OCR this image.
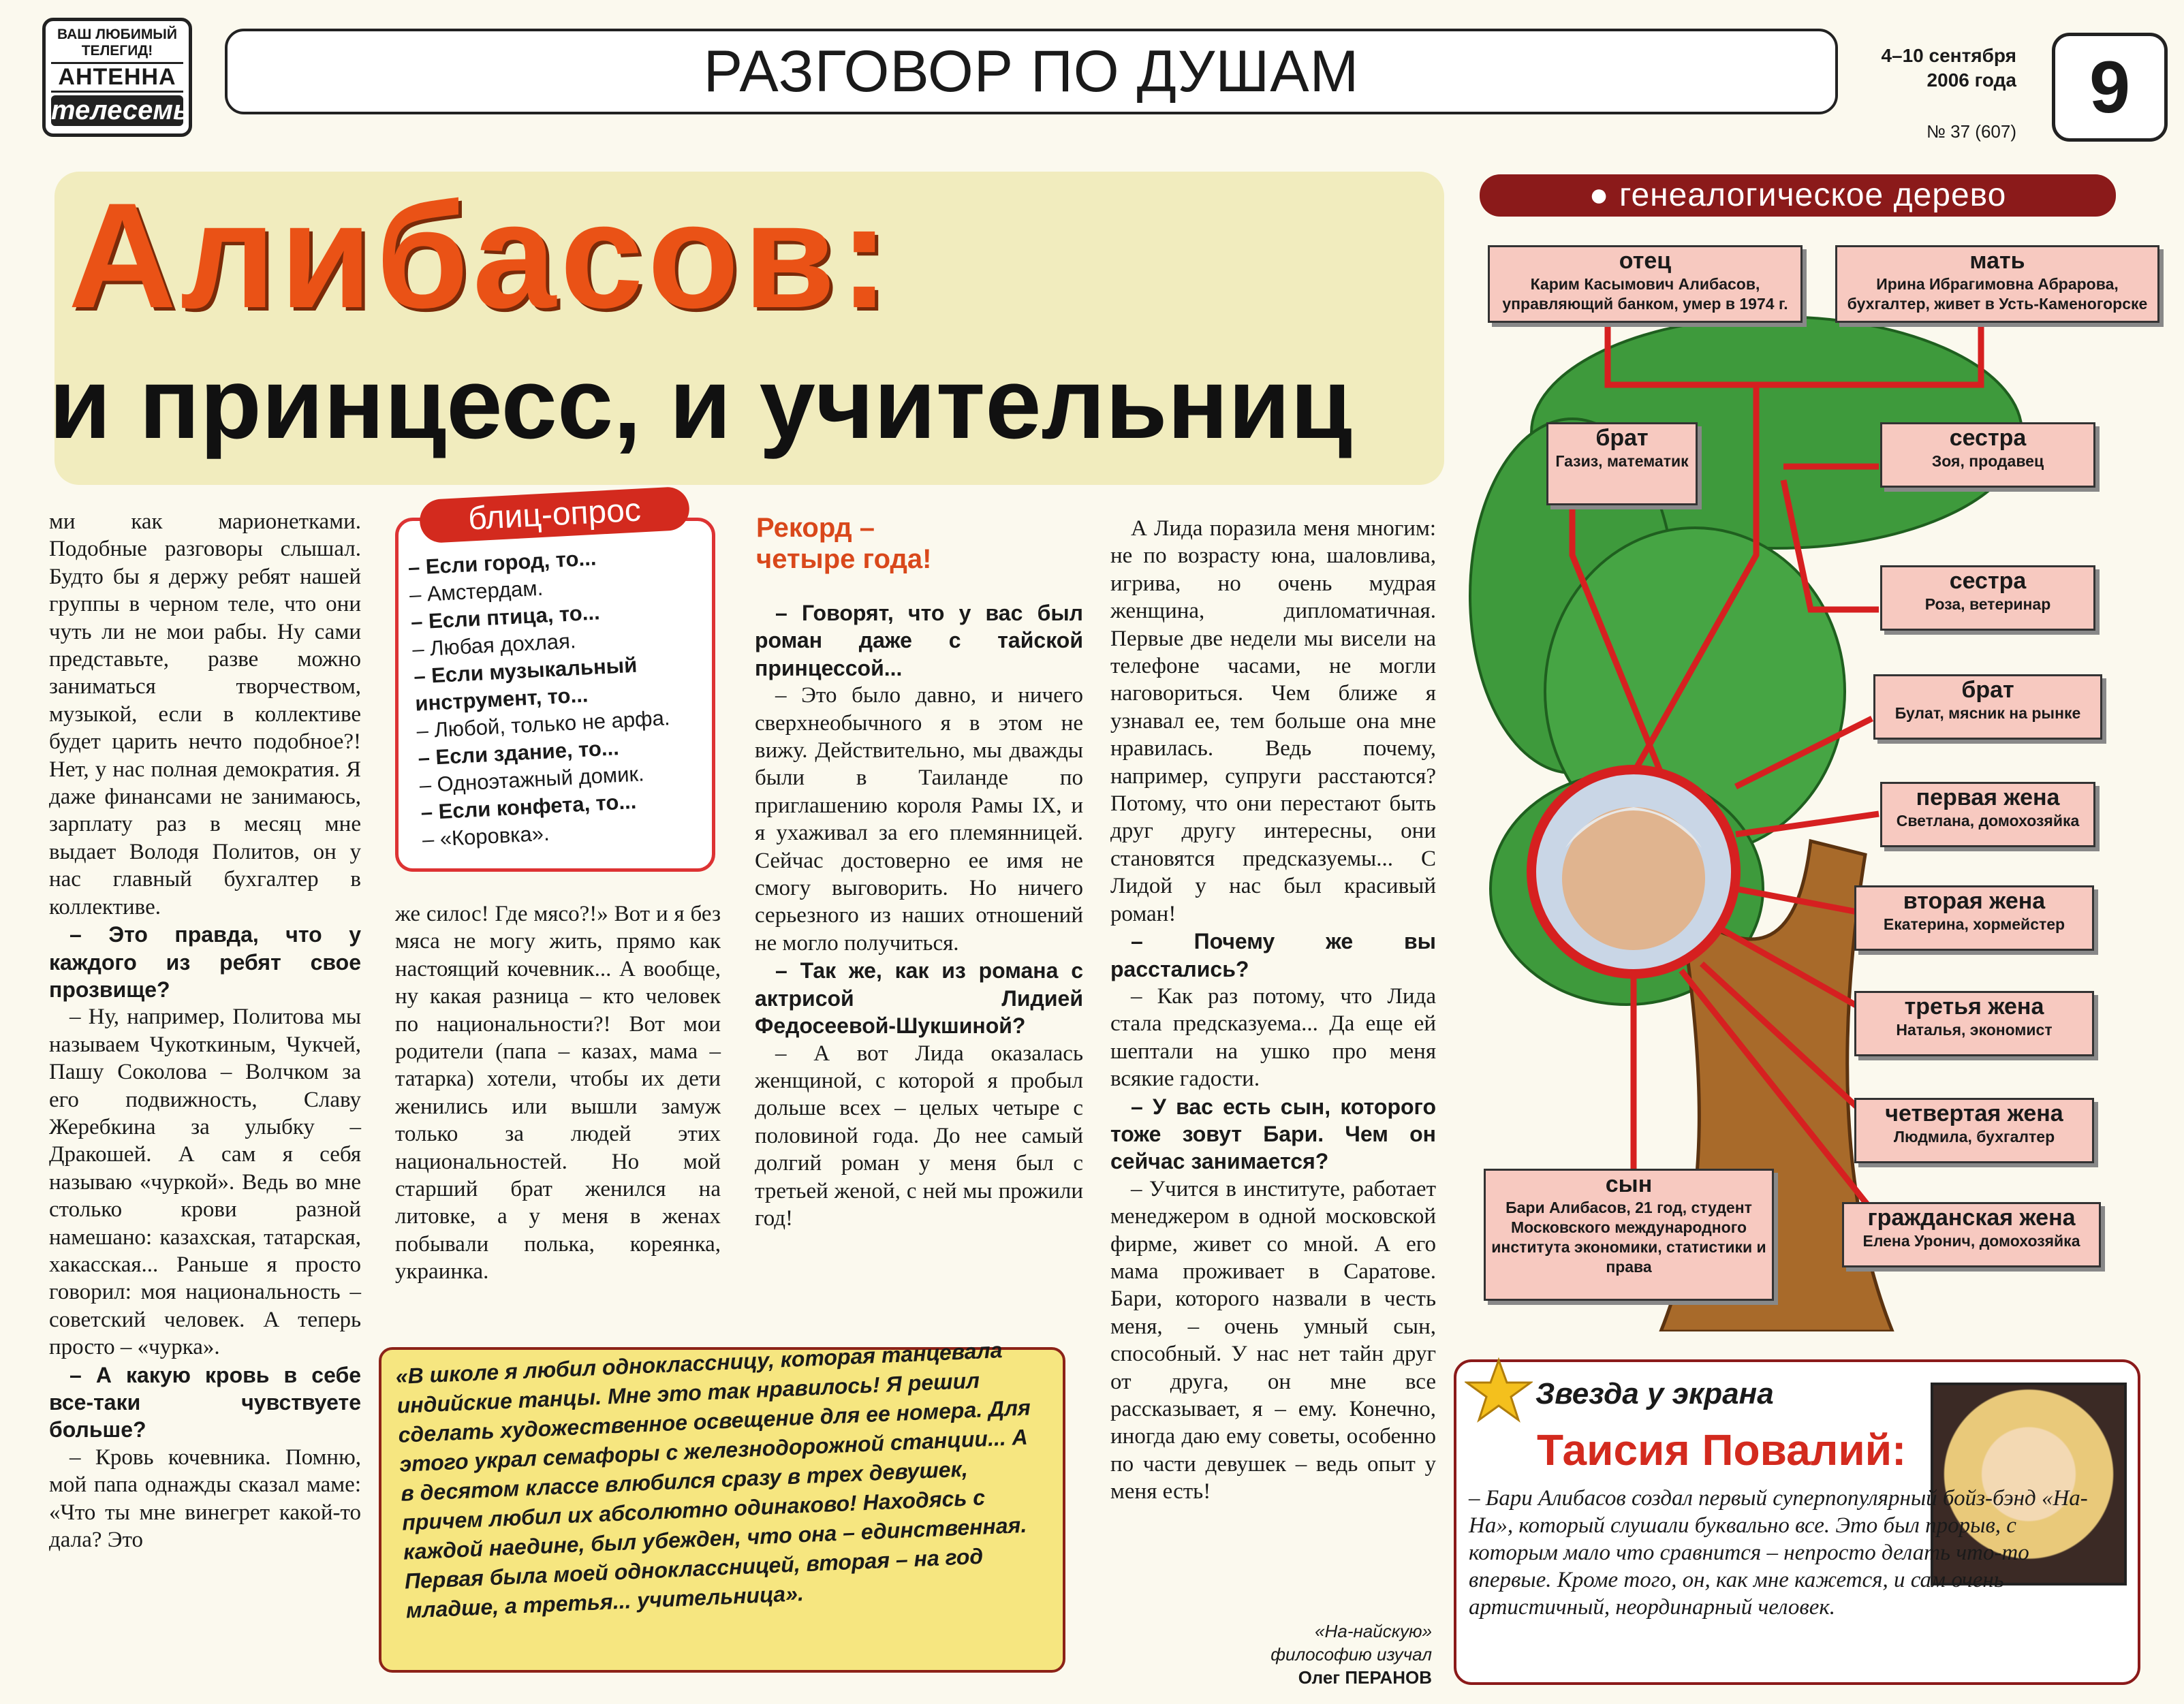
ВАШ ЛЮБИМЫЙ
ТЕЛЕГИД!
АНТЕННА
телесемь
РАЗГОВОР ПО ДУШАМ	4–10 сентября
2006 года
№ 37 (607)
9
Алибасов:
и принцесс, и учительниц

ми как марионетками. Подобные разговоры слышал. Будто бы я держу ребят нашей группы в черном теле, что они чуть ли не мои рабы. Ну сами представьте, разве можно заниматься творчеством, музыкой, если в коллективе будет царить нечто подобное?! Нет, у нас полная демократия. Я даже финансами не занимаюсь, зарплату раз в месяц мне выдает Володя Политов, он у нас главный бухгалтер в коллективе.

– Это правда, что у каждого из ребят свое прозвище?

– Ну, например, Политова мы называем Чукоткиным, Чукчей, Пашу Соколова – Волчком за его подвижность, Славу Жеребкина за улыбку – Дракошей. А сам я себя называю «чуркой». Ведь во мне столько крови разной намешано: казахская, татарская, хакасская... Раньше я просто говорил: моя национальность – советский человек. А теперь просто – «чурка».

– А какую кровь в себе все-таки чувствуете больше?

– Кровь кочевника. Помню, мой папа однажды сказал маме: «Что ты мне винегрет какой-то дала? Это

блиц-опрос
– Если город, то...
– Амстердам.
– Если птица, то...
– Любая дохлая.
– Если музыкальный инструмент, то...
– Любой, только не арфа.
– Если здание, то...
– Одноэтажный домик.
– Если конфета, то...
– «Коровка».

же силос! Где мясо?!» Вот и я без мяса не могу жить, прямо как настоящий кочевник... А вообще, ну какая разница – кто человек по национальности?! Вот мои родители (папа – казах, мама – татарка) хотели, чтобы их дети женились или вышли замуж только за людей этих национальностей. Но мой старший брат женился на литовке, а у меня в женах побывали полька, кореянка, украинка.

Рекорд – четыре года!

– Говорят, что у вас был роман даже с тайской принцессой...

– Это было давно, и ничего сверхнеобычного я в этом не вижу. Действительно, мы дважды были в Таиланде по приглашению короля Рамы IX, и я ухаживал за его племянницей. Сейчас достоверно ее имя не смогу выговорить. Но ничего серьезного из наших отношений не могло получиться.

– Так же, как из романа с актрисой Лидией Федосеевой-Шукшиной?

– А вот Лида оказалась женщиной, с которой я пробыл дольше всех – целых четыре с половиной года. До нее самый долгий роман у меня был с третьей женой, с ней мы прожили год!

А Лида поразила меня многим: не по возрасту юна, шаловлива, игрива, но очень мудрая женщина, дипломатичная. Первые две недели мы висели на телефоне часами, не могли наговориться. Чем ближе я узнавал ее, тем больше она мне нравилась. Ведь почему, например, супруги расстаются? Потому, что они перестают быть друг другу интересны, они становятся предсказуемы... С Лидой у нас был красивый роман!

– Почему же вы расстались?

– Как раз потому, что Лида стала предсказуема... Да еще ей шептали на ушко про меня всякие гадости.

– У вас есть сын, которого тоже зовут Бари. Чем он сейчас занимается?

– Учится в институте, работает менеджером в одной московской фирме, живет со мной. А его мама проживает в Саратове. Бари, которого назвали в честь меня, – очень умный сын, способный. У нас нет тайн друг от друга, он мне все рассказывает, я – ему. Конечно, иногда даю ему советы, особенно по части девушек – ведь опыт у меня есть!

«В школе я любил одноклассницу, которая танцевала индийские танцы. Мне это так нравилось! Я решил сделать художественное освещение для ее номера. Для этого украл семафоры с железнодорожной станции... А в десятом классе влюбился сразу в трех девушек, причем любил их абсолютно одинаково! Находясь с каждой наедине, был убежден, что она – единственная. Первая была моей одноклассницей, вторая – на год младше, а третья... учительница».
«На-найскую»
философию изучал
Олег ПЕРАНОВ
● генеалогическое дерево
отец
Карим Касымович Алибасов, управляющий банком, умер в 1974 г.
мать
Ирина Ибрагимовна Абрарова, бухгалтер, живет в Усть-Каменогорске
брат
Газиз, математик
сестра
Зоя, продавец
сестра
Роза, ветеринар
брат
Булат, мясник на рынке
первая жена
Светлана, домохозяйка
вторая жена
Екатерина, хормейстер
третья жена
Наталья, экономист
четвертая жена
Людмила, бухгалтер
сын
Бари Алибасов, 21 год, студент Московского международного института экономики, статистики и права
гражданская жена
Елена Уронич, домохозяйка
Звезда у экрана
Таисия Повалий:
– Бари Алибасов создал первый суперпопулярный бойз-бэнд «На-На», который слушали буквально все. Это был прорыв, с которым мало что сравнится – непросто делать что-то впервые. Кроме того, он, как мне кажется, и сам очень артистичный, неординарный человек.
